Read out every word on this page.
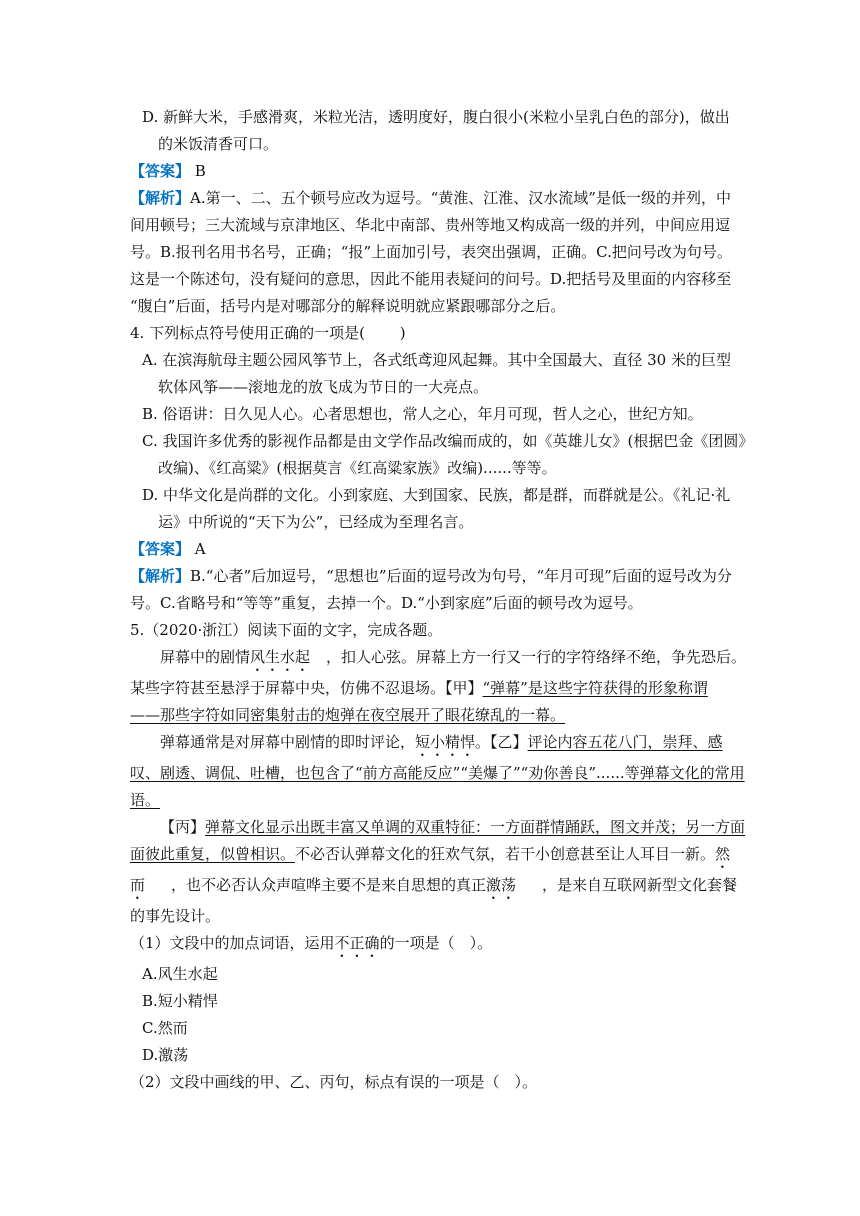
D. 新鲜大米，手感滑爽，米粒光洁，透明度好，腹白很小(米粒小呈乳白色的部分)，做出
的米饭清香可口。
【答案】 B
【解析】A.第一、二、五个顿号应改为逗号。“黄淮、江淮、汉水流域”是低一级的并列，中
间用顿号；三大流域与京津地区、华北中南部、贵州等地又构成高一级的并列，中间应用逗
号。B.报刊名用书名号，正确；“报”上面加引号，表突出强调，正确。C.把问号改为句号。
这是一个陈述句，没有疑问的意思，因此不能用表疑问的问号。D.把括号及里面的内容移至
“腹白”后面，括号内是对哪部分的解释说明就应紧跟哪部分之后。
4. 下列标点符号使用正确的一项是(　　 )
A. 在滨海航母主题公园风筝节上，各式纸鸢迎风起舞。其中全国最大、直径 30 米的巨型
软体风筝——滚地龙的放飞成为节日的一大亮点。
B. 俗语讲：日久见人心。心者思想也，常人之心，年月可现，哲人之心，世纪方知。
C. 我国许多优秀的影视作品都是由文学作品改编而成的，如《英雄儿女》(根据巴金《团圆》
改编)、《红高粱》(根据莫言《红高粱家族》改编)......等等。
D. 中华文化是尚群的文化。小到家庭、大到国家、民族，都是群，而群就是公。《礼记·礼
运》中所说的“天下为公”，已经成为至理名言。
【答案】 A
【解析】B.“心者”后加逗号，“思想也”后面的逗号改为句号，“年月可现”后面的逗号改为分
号。C.省略号和“等等”重复，去掉一个。D.“小到家庭”后面的顿号改为逗号。
5.（2020·浙江）阅读下面的文字，完成各题。
屏幕中的剧情风生水起 ，扣人心弦。屏幕上方一行又一行的字符络绎不绝，争先恐后。
某些字符甚至悬浮于屏幕中央，仿佛不忍退场。【甲】“弹幕”是这些字符获得的形象称谓
——那些字符如同密集射击的炮弹在夜空展开了眼花缭乱的一幕。
弹幕通常是对屏幕中剧情的即时评论，短小精悍。【乙】评论内容五花八门，崇拜、感
叹、剧透、调侃、吐槽，也包含了“前方高能反应”“美爆了”“劝你善良”......等弹幕文化的常用
语。
【丙】弹幕文化显示出既丰富又单调的双重特征：一方面群情踊跃，图文并茂；另一方面
面彼此重复，似曾相识。不必否认弹幕文化的狂欢气氛，若干小创意甚至让人耳目一新。然
而 ，也不必否认众声喧哗主要不是来自思想的真正激荡 ，是来自互联网新型文化套餐
的事先设计。
（1）文段中的加点词语，运用不正确的一项是（　）。
A.风生水起
B.短小精悍
C.然而
D.激荡
（2）文段中画线的甲、乙、丙句，标点有误的一项是（　）。
